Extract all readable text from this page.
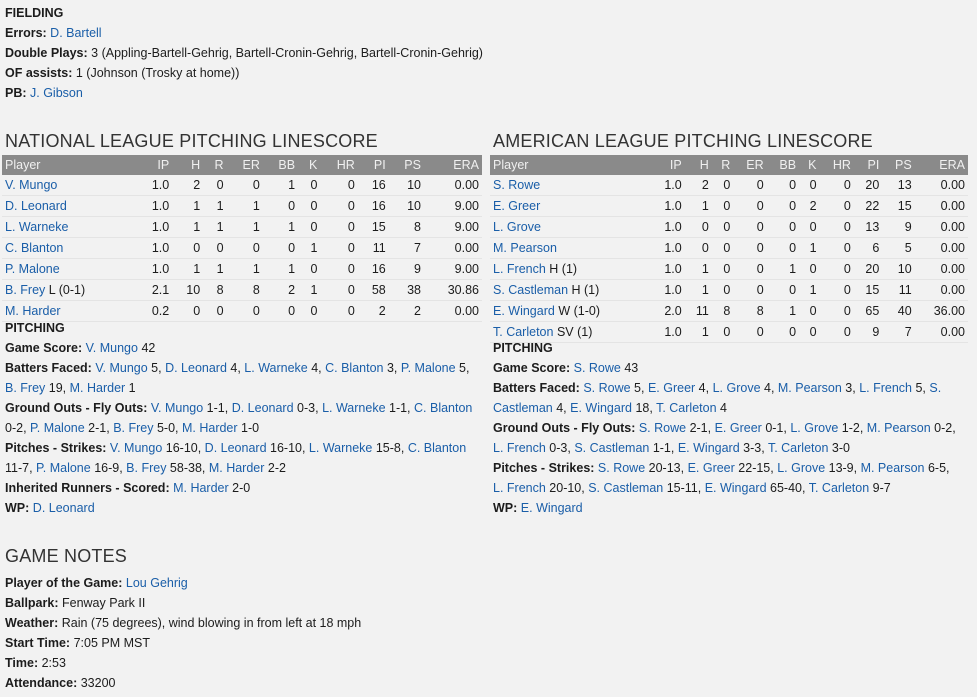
FIELDING
Errors: D. Bartell
Double Plays: 3 (Appling-Bartell-Gehrig, Bartell-Cronin-Gehrig, Bartell-Cronin-Gehrig)
OF assists: 1 (Johnson (Trosky at home))
PB: J. Gibson
NATIONAL LEAGUE PITCHING LINESCORE
Player	IP	H	R	ER	BB	K	HR	PI	PS	ERA
V. Mungo	1.0	2	0	0	1	0	0	16	10	0.00
D. Leonard	1.0	1	1	1	0	0	0	16	10	9.00
L. Warneke	1.0	1	1	1	1	0	0	15	8	9.00
C. Blanton	1.0	0	0	0	0	1	0	11	7	0.00
P. Malone	1.0	1	1	1	1	0	0	16	9	9.00
B. Frey L (0-1)	2.1	10	8	8	2	1	0	58	38	30.86
M. Harder	0.2	0	0	0	0	0	0	2	2	0.00
PITCHING
Game Score: V. Mungo 42
Batters Faced: V. Mungo 5, D. Leonard 4, L. Warneke 4, C. Blanton 3, P. Malone 5, B. Frey 19, M. Harder 1
Ground Outs - Fly Outs: V. Mungo 1-1, D. Leonard 0-3, L. Warneke 1-1, C. Blanton 0-2, P. Malone 2-1, B. Frey 5-0, M. Harder 1-0
Pitches - Strikes: V. Mungo 16-10, D. Leonard 16-10, L. Warneke 15-8, C. Blanton 11-7, P. Malone 16-9, B. Frey 58-38, M. Harder 2-2
Inherited Runners - Scored: M. Harder 2-0
WP: D. Leonard
AMERICAN LEAGUE PITCHING LINESCORE
Player	IP	H	R	ER	BB	K	HR	PI	PS	ERA
S. Rowe	1.0	2	0	0	0	0	0	20	13	0.00
E. Greer	1.0	1	0	0	0	2	0	22	15	0.00
L. Grove	1.0	0	0	0	0	0	0	13	9	0.00
M. Pearson	1.0	0	0	0	0	1	0	6	5	0.00
L. French H (1)	1.0	1	0	0	1	0	0	20	10	0.00
S. Castleman H (1)	1.0	1	0	0	0	1	0	15	11	0.00
E. Wingard W (1-0)	2.0	11	8	8	1	0	0	65	40	36.00
T. Carleton SV (1)	1.0	1	0	0	0	0	0	9	7	0.00
PITCHING
Game Score: S. Rowe 43
Batters Faced: S. Rowe 5, E. Greer 4, L. Grove 4, M. Pearson 3, L. French 5, S. Castleman 4, E. Wingard 18, T. Carleton 4
Ground Outs - Fly Outs: S. Rowe 2-1, E. Greer 0-1, L. Grove 1-2, M. Pearson 0-2, L. French 0-3, S. Castleman 1-1, E. Wingard 3-3, T. Carleton 3-0
Pitches - Strikes: S. Rowe 20-13, E. Greer 22-15, L. Grove 13-9, M. Pearson 6-5, L. French 20-10, S. Castleman 15-11, E. Wingard 65-40, T. Carleton 9-7
WP: E. Wingard
GAME NOTES
Player of the Game: Lou Gehrig
Ballpark: Fenway Park II
Weather: Rain (75 degrees), wind blowing in from left at 18 mph
Start Time: 7:05 PM MST
Time: 2:53
Attendance: 33200
